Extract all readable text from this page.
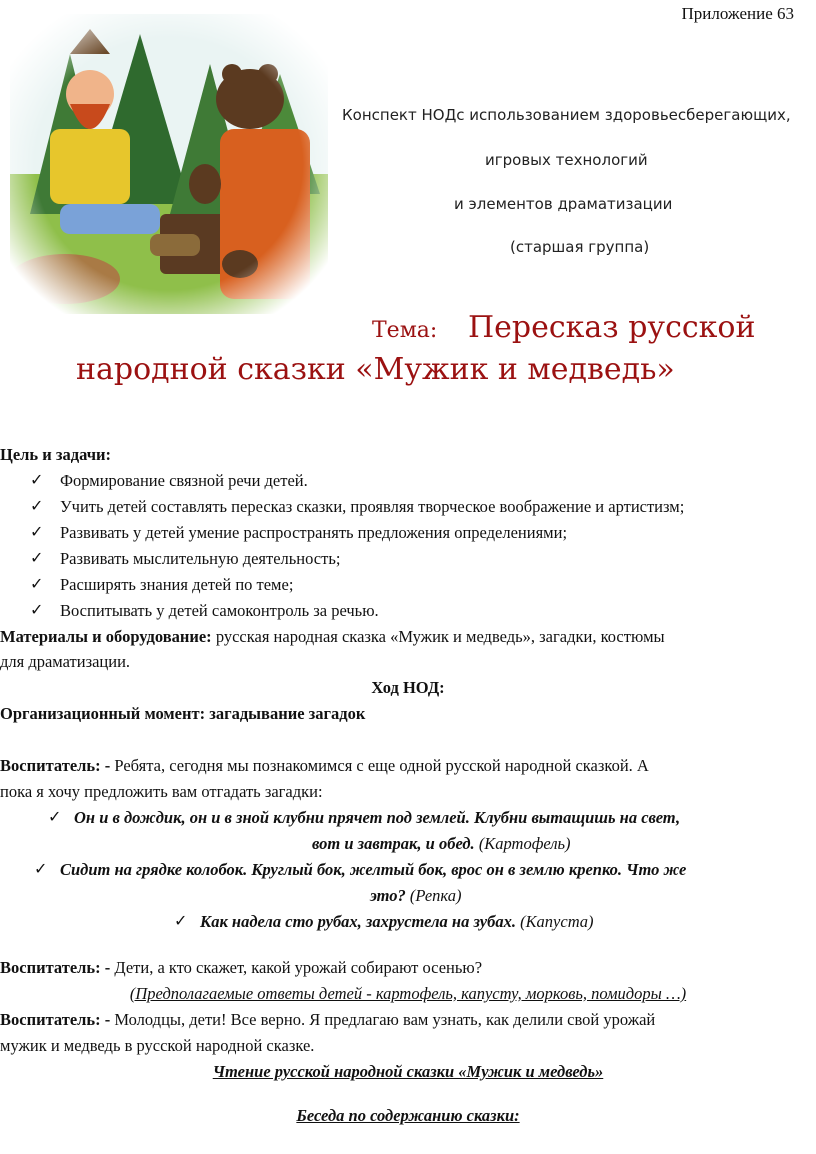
Приложение 63
Конспект НОДс использованием здоровьесберегающих,
игровых технологий
и элементов драматизации
(старшая группа)
Тема: Пересказ русской
народной сказки «Мужик и медведь»
Цель и задачи:
✓ Формирование связной речи детей.
✓ Учить детей составлять пересказ сказки, проявляя творческое воображение и артистизм;
✓ Развивать у детей умение распространять предложения определениями;
✓ Развивать мыслительную деятельность;
✓ Расширять знания детей по теме;
✓ Воспитывать у детей самоконтроль за речью.
Материалы и оборудование: русская народная сказка «Мужик и медведь», загадки, костюмы
для драматизации.
Ход НОД:
Организационный момент: загадывание загадок
Воспитатель: - Ребята, сегодня мы познакомимся с еще одной русской народной сказкой. А
пока я хочу предложить вам отгадать загадки:
✓ Он и в дождик, он и в зной клубни прячет под землей. Клубни вытащишь на свет,
вот и завтрак, и обед. (Картофель)
✓ Сидит на грядке колобок. Круглый бок, желтый бок, врос он в землю крепко. Что же
это? (Репка)
✓ Как надела сто рубах, захрустела на зубах. (Капуста)
Воспитатель: - Дети, а кто скажет, какой урожай собирают осенью?
(Предполагаемые ответы детей - картофель, капусту, морковь, помидоры …)
Воспитатель: - Молодцы, дети! Все верно. Я предлагаю вам узнать, как делили свой урожай
мужик и медведь в русской народной сказке.
Чтение русской народной сказки «Мужик и медведь»
Беседа по содержанию сказки:
